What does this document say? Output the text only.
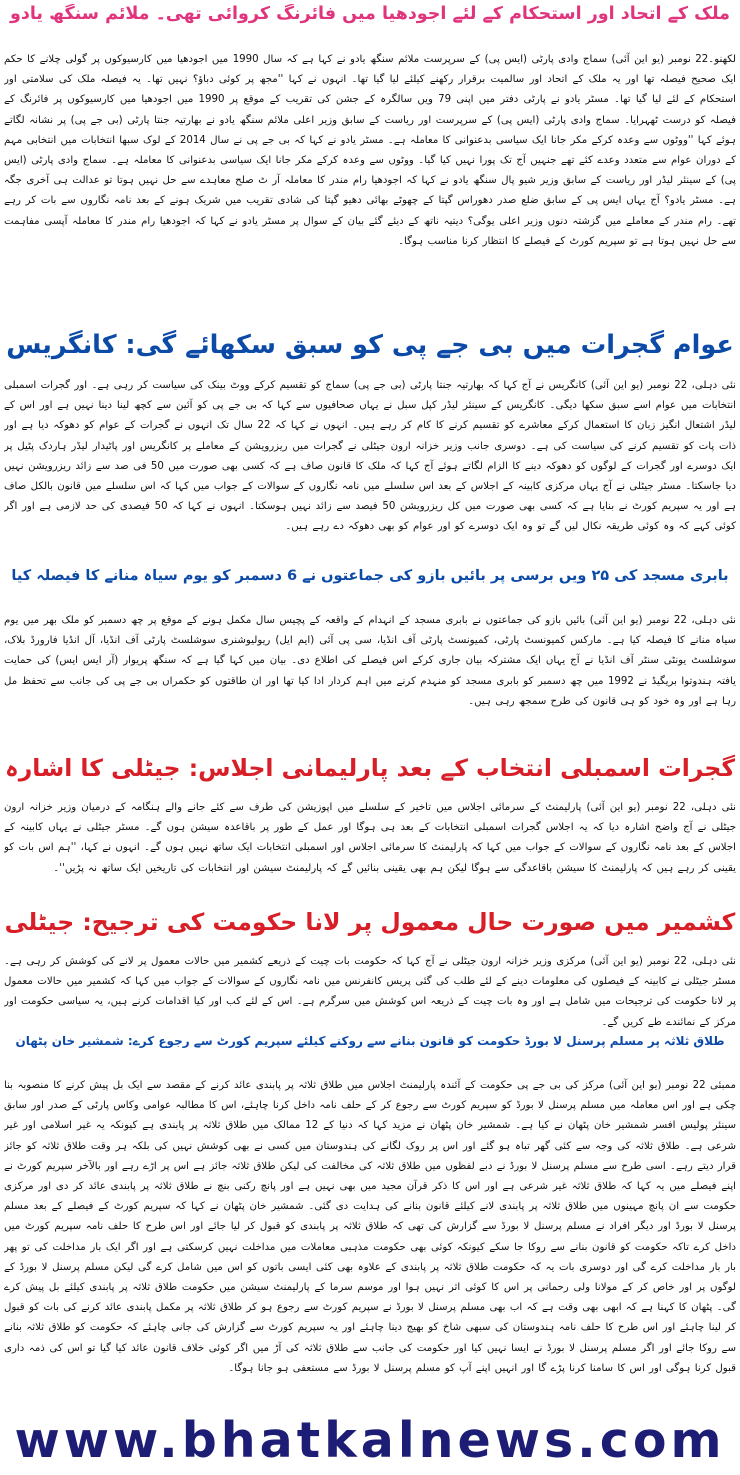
ملک کے اتحاد اور استحکام کے لئے اجودھیا میں فائرنگ کروائی تھی۔ ملائم سنگھ یادو

لکھنو۔22 نومبر (یو این آئی) سماج وادی پارٹی (ایس پی) کے سرپرست ملائم سنگھ یادو نے کہا ہے کہ سال 1990 میں اجودھیا میں کارسیوکوں پر گولی چلانے کا حکم ایک صحیح فیصلہ تھا اور یہ ملک کے اتحاد اور سالمیت برقرار رکھنے کیلئے لیا گیا تھا۔ انہوں نے کہا ''مجھ پر کوئی دباؤ؟ نہیں تھا۔ یہ فیصلہ ملک کی سلامتی اور استحکام کے لئے لیا گیا تھا۔ مسٹر یادو نے پارٹی دفتر میں اپنی 79 ویں سالگرہ کے جشن کی تقریب کے موقع پر 1990 میں اجودھیا میں کارسیوکوں پر فائرنگ کے فیصلہ کو درست ٹھہرایا۔ سماج وادی پارٹی (ایس پی) کے سرپرست اور ریاست کے سابق وزیر اعلی ملائم سنگھ یادو نے بھارتیہ جنتا پارٹی (بی جے پی) پر نشانہ لگاتے ہوئے کہا ''ووٹوں سے وعدہ کرکے مکر جانا ایک سیاسی بدعنوانی کا معاملہ ہے۔ مسٹر یادو نے کہا کہ بی جے پی نے سال 2014 کے لوک سبھا انتخابات میں انتخابی مہم کے دوران عوام سے متعدد وعدے کئے تھے جنہیں آج تک پورا نہیں کیا گیا۔ ووٹوں سے وعدہ کرکے مکر جانا ایک سیاسی بدعنوانی کا معاملہ ہے۔ سماج وادی پارٹی (ایس پی) کے سینئر لیڈر اور ریاست کے سابق وزیر شیو پال سنگھ یادو نے کہا کہ اجودھیا رام مندر کا معاملہ آر ٹ صلح معاہدے سے حل نہیں ہوتا تو عدالت ہی آخری جگہ ہے۔ مسٹر یادو؟ آج یہاں ایس پی کے سابق ضلع صدر دھوراس گپتا کے چھوٹے بھائی دھیو گپتا کی شادی تقریب میں شریک ہونے کے بعد نامہ نگاروں سے بات کر رہے تھے۔ رام مندر کے معاملے میں گزشتہ دنوں وزیر اعلی یوگی؟ دیتیہ ناتھ کے دیئے گئے بیان کے سوال پر مسٹر یادو نے کہا کہ اجودھیا رام مندر کا معاملہ آپسی مفاہمت سے حل نہیں ہوتا ہے تو سپریم کورٹ کے فیصلے کا انتظار کرنا مناسب ہوگا۔

عوام گجرات میں بی جے پی کو سبق سکھائے گی: کانگریس

نئی دہلی، 22 نومبر (یو این آئی) کانگریس نے آج کہا کہ بھارتیہ جنتا پارٹی (بی جے پی) سماج کو تقسیم کرکے ووٹ بینک کی سیاست کر رہی ہے۔ اور گجرات اسمبلی انتخابات میں عوام اسے سبق سکھا دیگی۔ کانگریس کے سینئر لیڈر کپل سبل نے یہاں صحافیوں سے کہا کہ بی جے پی کو آئین سے کچھ لینا دینا نہیں ہے اور اس کے لیڈر اشتعال انگیز زبان کا استعمال کرکے معاشرے کو تقسیم کرنے کا کام کر رہے ہیں۔ انہوں نے کہا کہ 22 سال تک انہوں نے گجرات کے عوام کو دھوکہ دیا ہے اور ذات پات کو تقسیم کرنے کی سیاست کی ہے۔ دوسری جانب وزیر خزانہ ارون جیٹلی نے گجرات میں ریزرویشن کے معاملے پر کانگریس اور پاٹیدار لیڈر ہاردک پٹیل پر ایک دوسرے اور گجرات کے لوگوں کو دھوکہ دینے کا الزام لگاتے ہوئے آج کہا کہ ملک کا قانون صاف ہے کہ کسی بھی صورت میں 50 فی صد سے زائد ریزرویشن نہیں دیا جاسکتا۔ مسٹر جیٹلی نے آج یہاں مرکزی کابینہ کے اجلاس کے بعد اس سلسلے میں نامہ نگاروں کے سوالات کے جواب میں کہا کہ اس سلسلے میں قانون بالکل صاف ہے اور یہ سپریم کورٹ نے بنایا ہے کہ کسی بھی صورت میں کل ریزرویشن 50 فیصد سے زائد نہیں ہوسکتا۔ انہوں نے کہا کہ 50 فیصدی کی حد لازمی ہے اور اگر کوئی کہے کہ وہ کوئی طریقہ نکال لیں گے تو وہ ایک دوسرے کو اور عوام کو بھی دھوکہ دے رہے ہیں۔

بابری مسجد کی ۲۵ ویں برسی پر بائیں بازو کی جماعتوں نے 6 دسمبر کو یوم سیاہ منانے کا فیصلہ کیا

نئی دہلی، 22 نومبر (یو این آئی) بائیں بازو کی جماعتوں نے بابری مسجد کے انہدام کے واقعہ کے پچیس سال مکمل ہونے کے موقع پر چھ دسمبر کو ملک بھر میں یوم سیاہ منانے کا فیصلہ کیا ہے۔ مارکس کمیونسٹ پارٹی، کمیونسٹ پارٹی آف انڈیا، سی پی آئی (ایم ایل) ریولیوشنری سوشلسٹ پارٹی آف انڈیا، آل انڈیا فارورڈ بلاک، سوشلسٹ یونٹی سنٹر آف انڈیا نے آج یہاں ایک مشترکہ بیان جاری کرکے اس فیصلے کی اطلاع دی۔ بیان میں کہا گیا ہے کہ سنگھ پریوار (آر ایس ایس) کی حمایت یافتہ ہندوتوا بریگیڈ نے 1992 میں چھ دسمبر کو بابری مسجد کو منہدم کرنے میں اہم کردار ادا کیا تھا اور ان طاقتوں کو حکمراں بی جے پی کی جانب سے تحفظ مل رہا ہے اور وہ خود کو ہی قانون کی طرح سمجھ رہی ہیں۔

گجرات اسمبلی انتخاب کے بعد پارلیمانی اجلاس: جیٹلی کا اشارہ

نئی دہلی، 22 نومبر (یو این آئی) پارلیمنٹ کے سرمائی اجلاس میں تاخیر کے سلسلے میں اپوزیشن کی طرف سے کئے جانے والے ہنگامہ کے درمیان وزیر خزانہ ارون جیٹلی نے آج واضح اشارہ دیا کہ یہ اجلاس گجرات اسمبلی انتخابات کے بعد ہی ہوگا اور عمل کے طور پر باقاعدہ سیشن ہوں گے۔ مسٹر جیٹلی نے یہاں کابینہ کے اجلاس کے بعد نامہ نگاروں کے سوالات کے جواب میں کہا کہ پارلیمنٹ کا سرمائی اجلاس اور اسمبلی انتخابات ایک ساتھ نہیں ہوں گے۔ انہوں نے کہا، ''ہم اس بات کو یقینی کر رہے ہیں کہ پارلیمنٹ کا سیشن باقاعدگی سے ہوگا لیکن ہم بھی یقینی بنائیں گے کہ پارلیمنٹ سیشن اور انتخابات کی تاریخیں ایک ساتھ نہ پڑیں''۔

کشمیر میں صورت حال معمول پر لانا حکومت کی ترجیح: جیٹلی

نئی دہلی، 22 نومبر (یو این آئی) مرکزی وزیر خزانہ ارون جیٹلی نے آج کہا کہ حکومت بات چیت کے ذریعے کشمیر میں حالات معمول پر لانے کی کوشش کر رہی ہے۔ مسٹر جیٹلی نے کابینہ کے فیصلوں کی معلومات دینے کے لئے طلب کی گئی پریس کانفرنس میں نامہ نگاروں کے سوالات کے جواب میں کہا کہ کشمیر میں حالات معمول پر لانا حکومت کی ترجیحات میں شامل ہے اور وہ بات چیت کے ذریعہ اس کوشش میں سرگرم ہے۔ اس کے لئے کب اور کیا اقدامات کرنے ہیں، یہ سیاسی حکومت اور مرکز کے نمائندے طے کریں گے۔

طلاق ثلاثہ پر مسلم پرسنل لا بورڈ حکومت کو قانون بنانے سے روکنے کیلئے سپریم کورٹ سے رجوع کرے: شمشیر خان پٹھان

ممبئی 22 نومبر (یو این آئی) مرکز کی بی جے پی حکومت کے آئندہ پارلیمنٹ اجلاس میں طلاق ثلاثہ پر پابندی عائد کرنے کے مقصد سے ایک بل پیش کرنے کا منصوبہ بنا چکی ہے اور اس معاملہ میں مسلم پرسنل لا بورڈ کو سپریم کورٹ سے رجوع کر کے حلف نامہ داخل کرنا چاہئے، اس کا مطالبہ عوامی وکاس پارٹی کے صدر اور سابق سینئر پولیس افسر شمشیر خان پٹھان نے کیا ہے۔ شمشیر خان پٹھان نے مزید کہا کہ دنیا کے 12 ممالک میں طلاق ثلاثہ پر پابندی ہے کیونکہ یہ غیر اسلامی اور غیر شرعی ہے۔ طلاق ثلاثہ کی وجہ سے کئی گھر تباہ ہو گئے اور اس پر روک لگانے کی ہندوستان میں کسی نے بھی کوشش نہیں کی بلکہ ہر وقت طلاق ثلاثہ کو جائز قرار دیتے رہے۔ اسی طرح سے مسلم پرسنل لا بورڈ نے دبے لفظوں میں طلاق ثلاثہ کی مخالفت کی لیکن طلاق ثلاثہ جائز ہے اس پر اڑے رہے اور بالآخر سپریم کورٹ نے اپنے فیصلے میں یہ کہا کہ طلاق ثلاثہ غیر شرعی ہے اور اس کا ذکر قرآن مجید میں بھی نہیں ہے اور پانچ رکنی بنچ نے طلاق ثلاثہ پر پابندی عائد کر دی اور مرکزی حکومت سے ان پانچ مہینوں میں طلاق ثلاثہ پر پابندی لانے کیلئے قانون بنانے کی ہدایت دی گئی۔ شمشیر خان پٹھان نے کہا کہ سپریم کورٹ کے فیصلے کے بعد مسلم پرسنل لا بورڈ اور دیگر افراد نے مسلم پرسنل لا بورڈ سے گزارش کی تھی کہ طلاق ثلاثہ پر پابندی کو قبول کر لیا جائے اور اس طرح کا حلف نامہ سپریم کورٹ میں داخل کرے تاکہ حکومت کو قانون بنانے سے روکا جا سکے کیونکہ کوئی بھی حکومت مذہبی معاملات میں مداخلت نہیں کرسکتی ہے اور اگر ایک بار مداخلت کی تو پھر بار بار مداخلت کرے گی اور دوسری بات یہ کہ حکومت طلاق ثلاثہ پر پابندی کے علاوہ بھی کئی ایسی باتوں کو اس میں شامل کرے گی لیکن مسلم پرسنل لا بورڈ کے لوگوں پر اور خاص کر کے مولانا ولی رحمانی پر اس کا کوئی اثر نہیں ہوا اور موسم سرما کے پارلیمنٹ سیشن میں حکومت طلاق ثلاثہ پر پابندی کیلئے بل پیش کرے گی۔ پٹھان کا کہنا ہے کہ ابھی بھی وقت ہے کہ اب بھی مسلم پرسنل لا بورڈ نے سپریم کورٹ سے رجوع ہو کر طلاق ثلاثہ پر مکمل پابندی عائد کرنے کی بات کو قبول کر لینا چاہئے اور اس طرح کا حلف نامہ ہندوستان کی سبھی شاخ کو بھیج دینا چاہئے اور یہ سپریم کورٹ سے گزارش کی جانی چاہئے کہ حکومت کو طلاق ثلاثہ بنانے سے روکا جائے اور اگر مسلم پرسنل لا بورڈ نے ایسا نہیں کیا اور حکومت کی جانب سے طلاق ثلاثہ کی آڑ میں اگر کوئی خلاف قانون عائد کیا گیا تو اس کی ذمہ داری قبول کرنا ہوگی اور اس کا سامنا کرنا پڑے گا اور انہیں اپنے آپ کو مسلم پرسنل لا بورڈ سے مستعفی ہو جانا ہوگا۔

www.bhatkalnews.com
